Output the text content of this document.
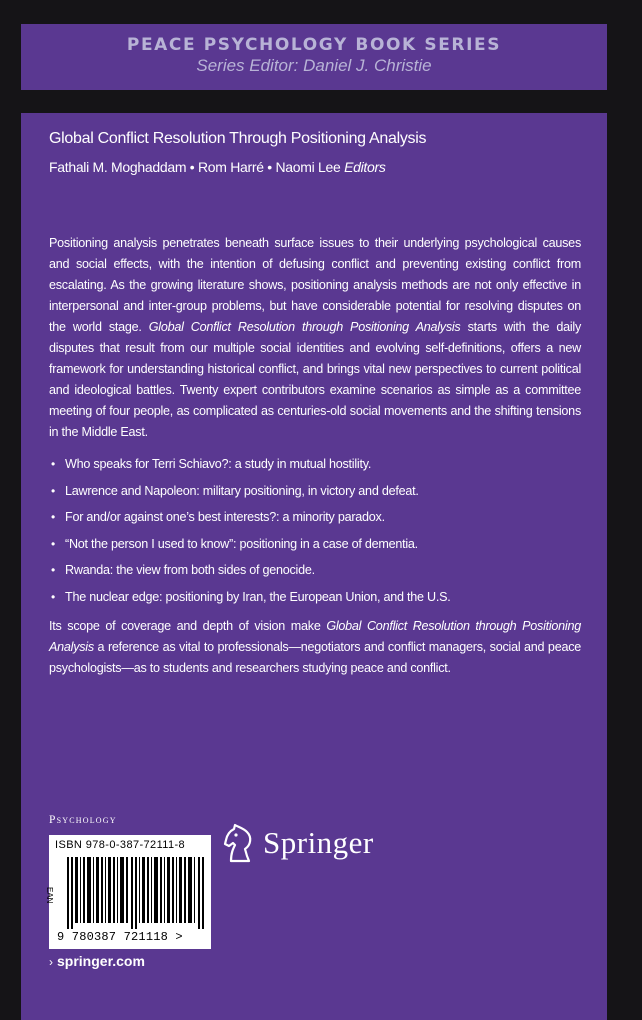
PEACE PSYCHOLOGY BOOK SERIES
Series Editor: Daniel J. Christie
Global Conflict Resolution Through Positioning Analysis
Fathali M. Moghaddam • Rom Harré • Naomi Lee Editors

Positioning analysis penetrates beneath surface issues to their underlying psychological causes and social effects, with the intention of defusing conflict and preventing existing conflict from escalating. As the growing literature shows, positioning analysis methods are not only effective in interpersonal and inter-group problems, but have considerable potential for resolving disputes on the world stage. Global Conflict Resolution through Positioning Analysis starts with the daily disputes that result from our multiple social identities and evolving self-definitions, offers a new framework for understanding historical conflict, and brings vital new perspectives to current political and ideological battles. Twenty expert contributors examine scenarios as simple as a committee meeting of four people, as complicated as centuries-old social movements and the shifting tensions in the Middle East.

• Who speaks for Terri Schiavo?: a study in mutual hostility.
• Lawrence and Napoleon: military positioning, in victory and defeat.
• For and/or against one’s best interests?: a minority paradox.
• “Not the person I used to know”: positioning in a case of dementia.
• Rwanda: the view from both sides of genocide.
• The nuclear edge: positioning by Iran, the European Union, and the U.S.

Its scope of coverage and depth of vision make Global Conflict Resolution through Positioning Analysis a reference as vital to professionals—negotiators and conflict managers, social and peace psychologists—as to students and researchers studying peace and conflict.

Psychology
ISBN 978-0-387-72111-8
EAN
9 780387 721118 >
Springer
› springer.com
